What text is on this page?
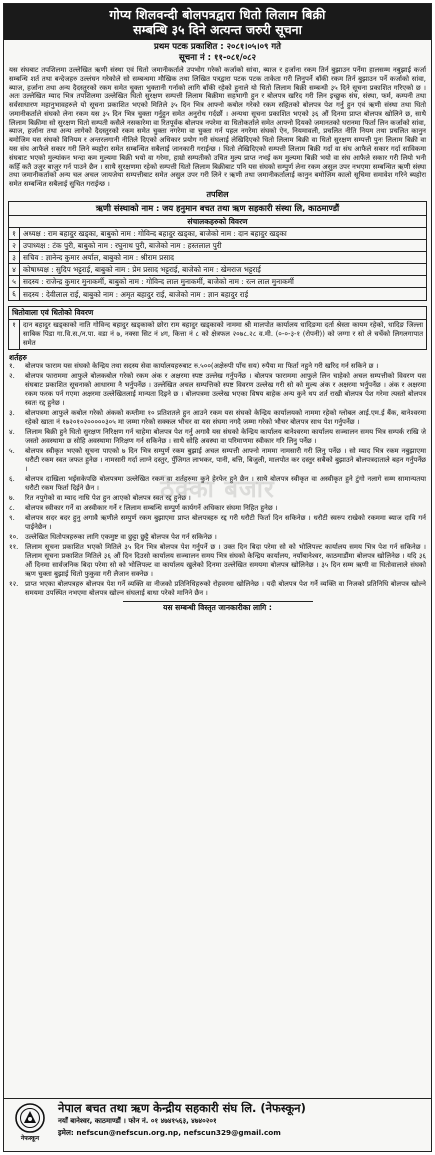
गोप्य शिलवन्दी बोलपत्रद्वारा धितो लिलाम बिक्री
सम्बन्धि ३५ दिने अत्यन्त जरुरी सूचना
प्रथम पटक प्रकाशित : २०८१।०५।०९ गते
सूचना नं : ११-०८१/०८२
यस संघबाट तपशिलमा उल्लेखित ऋणी संस्था एवं धितो जमानीकर्ताले उपभोग गरेको कर्जाको सांवा, ब्याज र हर्जाना रकम तिर्न बुझाउन पर्नेमा हालसम्म नबुझाई कर्जा सम्बन्धि शर्त तथा बन्देजहरु उल्लंघन गरेकोले सो सम्बन्धमा मौखिक तथा लिखित पत्रद्वारा पटक पटक ताकेता गरी लिनुपर्ने बाँकी रकम तिर्न बुझाउन पर्ने कर्जाको सांवा, ब्याज, हर्जाना तथा अन्य दैदस्तुरको रकम समेत चुक्ता भुक्तानी गर्नाको लागि बाँकी रहेको हुनाले यो धितो लिलाम बिक्री सम्बन्धी ३५ दिने सूचना प्रकाशित गरिएको छ । अतः उल्लेखित म्याद भित्र तपशिलमा उल्लेखित धितो सुरक्षण सम्पत्ती लिलाम बिक्रीमा सहभागी हुन र बोलपत्र खरिद गरी लिन इच्छुक संघ, संस्था, फर्म, कम्पनी तथा सर्वसाधारण महानुभावहरुले यो सूचना प्रकाशित भएको मितिले ३५ दिन भित्र आफ्नो कबोल गरेको रकम सहितको बोलपत्र पेश गर्नु हुन एवं ऋणी संस्था तथा धितो जमानीकर्ताले संघको लेना रकम यस ३५ दिन भित्र चुक्ता गर्नुहुन समेत अनुरोध गर्दछौं । अन्यथा सूचना प्रकाशित भएको ३६ औं दिनमा प्राप्त बोलपत्र खोलिने छ, साथै लिलाम बिक्रीमा सो सुरक्षण धितो सम्पती कसैले नसकारेमा वा रितपूर्वक बोलपत्र नपरेमा वा धितोकर्ताले समेत आफ्नो दियको जमानतको धरानमा फिर्ता लिन कर्जाको सांवा, ब्याज, हर्जाना तथा अन्य लागेको दैदस्तुरको रकम समेत चुक्ता नगरेमा वा चुक्ता गर्न पहल नगरेमा संघको ऐन, नियमावली, प्रचलित नीति नियम तथा प्रचलित कानुन बमोजिम यस संघको विनियम र अन्तरलगानी नीतिले दिएको अधिकार प्रयोग गरी संघलाई लेखिदिएको धितो लिलाम बिक्री वा धितो सुरक्षण सम्पत्ती पुनः लिलाम बिक्री वा यस संघ आफैले सकार गरी लिने ब्यहोरा समेत सम्बन्धित सबैलाई जानकारी गराईन्छ । धितो लेखिदिएको सम्पत्ती लिलाम बिक्री गर्दा वा संघ आफैले सकार गर्दा साविकमा संघबाट भएको मुल्यांकन भन्दा कम मुल्यमा बिक्री भयो वा गरेमा, हाम्रो सम्पतीको उचित मुल्य प्राप्त नभई कम मुल्यमा बिक्री भयो वा संघ आफैले सकार गरी लियो भनी कहिँ कतै उजुर बाजुर गर्न पाउने छैन । साथै सुरक्षणमा रहेको सम्पत्ती धितो लिलाम बिक्रीबाट पनि यस संघको सम्पुर्ण लेना रकम असुल उपर नभएमा सम्बन्धित ऋणी संस्था तथा जमानीकर्ताको अन्य चल अचल जायजेथा सम्पत्तीबाट समेत असुल उपर गरी लिने र ऋणी तथा जमानीकर्तालाई कानुन बमोजिम कालो सूचिमा समावेश गरिने ब्यहोरा समेत सम्बन्धित सबैलाई सुचित गराईन्छ ।
तपशिल
ऋणी संस्थाको नाम : जय हनुमान बचत तथा ऋण सहकारी संस्था लि, काठमाण्डौं
संचालकहरुको विवरण
१ अध्यक्ष : राम बहादुर खड्का, बाबुको नाम : गोविन्द बहादुर खड्का, बाजेको नाम : दान बहादुर खड्का
२ उपाध्यक्ष : टंक पुरी, बाबुको नाम : रघुनाथ पुरी, बाजेको नाम : हस्तलाल पुरी
३ सचिव : ज्ञानेन्द कुमार अर्याल, बाबुको नाम : श्रीराम प्रसाद
४ कोषाध्यक्ष : सुदिप भट्टराई, बाबुको नाम : प्रेम प्रसाद भट्टराई, बाजेको नाम : खेमराज भट्टराई
५ सदस्य : राजेन्द्र कुमार मुनाकर्मी, बाबुको नाम : गोविन्द लाल मुनाकर्मी, बाजेको नाम : रत्न लाल मुनाकर्मी
६ सदस्य : देवीलाल राई, बाबुको नाम : अमृत बहादुर राई, बाजेको नाम : ज्ञान बहादुर राई
धितोवाला एवं धितोको विवरण
१	दान बहादुर खड्काको नाति गोविन्द बहादुर खड्काको छोरा राम बहादुर खड्काको नाममा श्री मालपोत कार्यालय धादिङमा दर्ता श्रेस्ता कायम रहेको, धादिङ जिल्ला साबिक पिडा गा.वि.स./न.पा. वडा नं ७, नक्सा सिट नं ४ग, कित्ता नं ८ को क्षेत्रफल २०७८.२८ व.मी. (०-०-३-१ (रोपनी)) को जग्गा र सो ले चर्चेको लिगलगापात समेत
ठेक्का बजार
शर्तहरु
१.	बोलपत्र फाराम यस संघको केन्द्रिय तथा सदस्य सेवा कार्यालयहरुबाट रु.५००(अक्षेरुपी पाँच सय) रुपैया मा फिर्ता नहुने गरी खरिद गर्न सकिने छ ।
२.	बोलपत्र फाराममा आफुले बोलकबोल गरेको रकम अंक र अक्षरमा स्पष्ट उल्लेख गर्नुपर्नेछ । बोलपत्र फाराममा आफुले लिन चाहेको अचल सम्पत्तीको विवरण यस संघबाट प्रकाशित सूचनाको आधारमा नै भर्नुपर्नेछ । उल्लेखित अचल सम्पत्तिको स्पष्ट विवरण उल्लेख गरी सो को मुल्य अंक र अक्षरमा भर्नुपर्नेछ । अंक र अक्षरमा रकम फरक पर्न गएमा अक्षरमा उल्लेखितलाई मान्यता दिइने छ । बोलपत्रमा उल्लेख भएका विषय बाहेक अन्य कुने थप शर्त राखी बोलपत्र पेश गरेमा त्यस्तो बोलपत्र स्वतः रद्द हुनेछ ।
३.	बोलपत्रमा आफुले कबोल गरेको अंकको कम्तीमा १० प्रतिशतले हुन आउने रकम यस संघको केन्द्रिय कार्यालयको नाममा रहेको ग्लोबल आई.एम.ई बैंक, बानेश्वरमा रहेको खाता नं १७२०१०२०००००३०५ मा जम्मा गरेको सक्कल भौचर वा यस संघमा नगदै जम्मा गरेको भौचर बोलपत्र साथ पेश गर्नुपर्नेछ ।
४.	लिलाम बिक्री हुने धितो सुरक्षण निरिक्षण गर्न चाहेमा बोलपत्र पेश गर्नु अगावै यस संघको केन्द्रिय कार्यालय बानेश्वरमा कार्यालय सञ्चालन समय भित्र सम्पर्क राखि जे जस्तो अवस्थामा छ सोहि अवस्थामा निरिक्षण गर्न सकिनेछ । साथै सोहि अवस्था वा परिमाणमा स्वीकार गरि लिनु पर्नेछ ।
५.	बोलपत्र स्वीकृत भएको सूचना पाएको ७ दिन भित्र सम्पुर्ण रकम बुझाई अचल सम्पत्ती आफ्नो नाममा नामसारी गरी लिनु पर्नेछ । सो म्याद भित्र रकम नबुझाएमा धरौटी रकम स्वत जफत हुनेछ । नामसारी गर्दा लाग्ने दस्तुर, पुँजिगत लाभकर, पानी, बत्ति, बिजुली, मालपोत कर दस्तुर सबैको बुझाउने बोलपत्रदाताले बहन गर्नुपर्नेछ ।
६.	बोलपत्र दाखिला भईसकेपछि बोलपत्रमा उल्लेखित रकम वा शर्तहरुमा कुने हेरफेर हुने छैन । साथै बोलपत्र स्वीकृत वा अस्वीकृत हुने टुंगो नलागे सम्म सामान्यतया धरौटी रकम फिर्ता दिईने छैन ।
७.	रित नपुगेको वा म्याद नाघि पेश हुन आएको बोलपत्र स्वत रद्द हुनेछ ।
८.	बोलपत्र स्वीकार गर्ने वा अस्वीकार गर्ने र लिलाम सम्बन्धि सम्पुर्ण कार्यगर्ने अधिकार संघमा निहित हुनेछ ।
९.	बोलपत्र सदर बदर हुनु अगावै ऋणीले सम्पुर्ण रकम बुझाएमा प्राप्त बोलपत्रहरु रद्द गरी धरौटी फिर्ता दिन सकिनेछ । धरौटी स्वरुप राखेको रकममा ब्याज दावि गर्न पाईनेछैन ।
१०. उल्लेखित धितोपत्रहरुका लागि एकमुष्ट वा छुट्टा छुट्टै बोलपत्र पेश गर्न सकिनेछ ।
११. लिलाम सूचना प्रकाशित भएको मितिले ३५ दिन भित्र बोलपत्र पेश गर्नुपर्ने छ । उक्त दिन बिदा परेमा सो को भोलिपल्ट कार्यालय समय भित्र पेश गर्न सकिनेछ । लिलाम सूचना प्रकाशित मितिले ३६ औं दिन दिउसो कार्यालय सञ्चालन समय भित्र संघको केन्द्रिय कार्यालय, नयाँबानेश्वर, काठमाडौंमा बोलपत्र खोलिनेछ । यदि ३६ औं दिनमा सार्वजनिक बिदा परेमा सो को भोलिपल्ट वा कार्यालय खुलेको दिनमा उल्लेखित समयमा बोलपत्र खोलिनेछ । ३५ दिन सम्म ऋणी वा धितोवालाले संघको ऋण चुक्ता बुझाई धितो फुकुवा गरी लैजान सक्नेछ ।
१२. प्राप्त भएका बोलपत्रहरु बोलपत्र पेश गर्ने व्यक्ति वा नीजको प्रतिनिधिहरुको रोहवरमा खोलिनेछ । यदी बोलपत्र पेश गर्ने व्यक्ति वा निजको प्रतिनिधि बोलपत्र खोल्ने समयमा उपस्थित नभएमा बोलपत्र खोल्न संघलाई बाधा परेको मानिने छैन ।
यस सम्बन्धी विस्तृत जानकारीका लागि :
नेफस्कून
नेपाल बचत तथा ऋण केन्द्रीय सहकारी संघ लि. (नेफस्कून)
नयाँ बानेश्वर, काठमाण्डौं । फोन नं. ०१ ४७४१५६३, ४७४०२०१
इमेल: nefscun@nefscun.org.np, nefscun329@gmail.com
